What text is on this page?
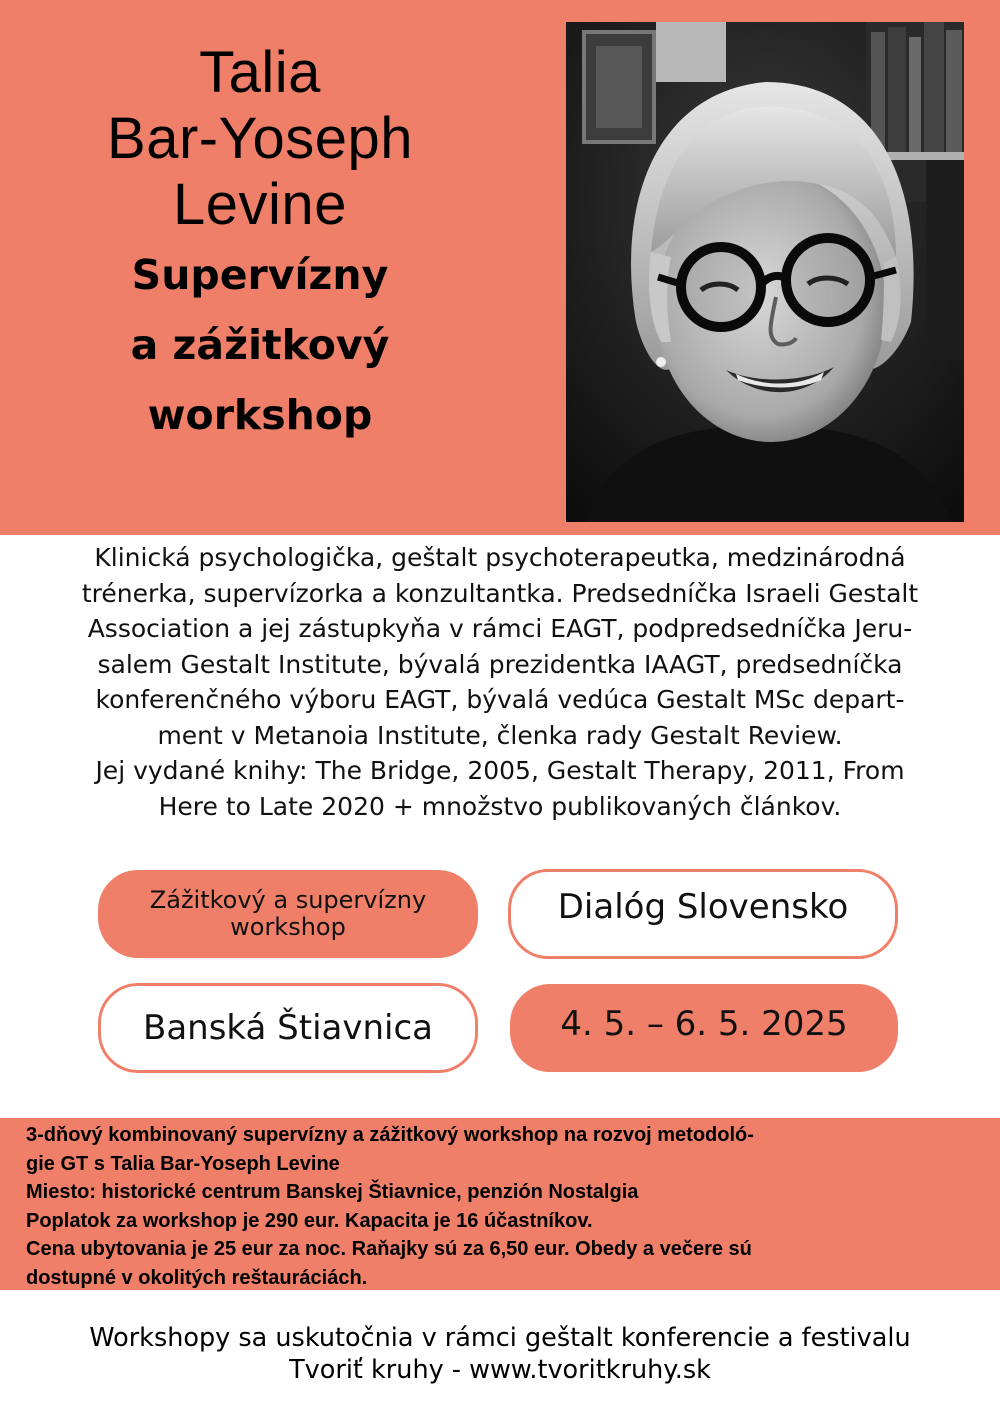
Talia
Bar-Yoseph
Levine
Supervízny
a zážitkový
workshop
Klinická psychologička, geštalt psychoterapeutka, medzinárodná
trénerka, supervízorka a konzultantka. Predsedníčka Israeli Gestalt
Association a jej zástupkyňa v rámci EAGT, podpredsedníčka Jeru-
salem Gestalt Institute, bývalá prezidentka IAAGT, predsedníčka
konferenčného výboru EAGT, bývalá vedúca Gestalt MSc depart-
ment v Metanoia Institute, členka rady Gestalt Review.
Jej vydané knihy: The Bridge, 2005, Gestalt Therapy, 2011, From
Here to Late 2020 + množstvo publikovaných článkov.
Zážitkový a supervízny
workshop	Dialóg Slovensko
Banská Štiavnica	4. 5. – 6. 5. 2025
3-dňový kombinovaný supervízny a zážitkový workshop na rozvoj metodoló-
gie GT s Talia Bar-Yoseph Levine
Miesto: historické centrum Banskej Štiavnice, penzión Nostalgia
Poplatok za workshop je 290 eur. Kapacita je 16 účastníkov.
Cena ubytovania je 25 eur za noc. Raňajky sú za 6,50 eur. Obedy a večere sú
dostupné v okolitých reštauráciách.
Workshopy sa uskutočnia v rámci geštalt konferencie a festivalu
Tvoriť kruhy - www.tvoritkruhy.sk
